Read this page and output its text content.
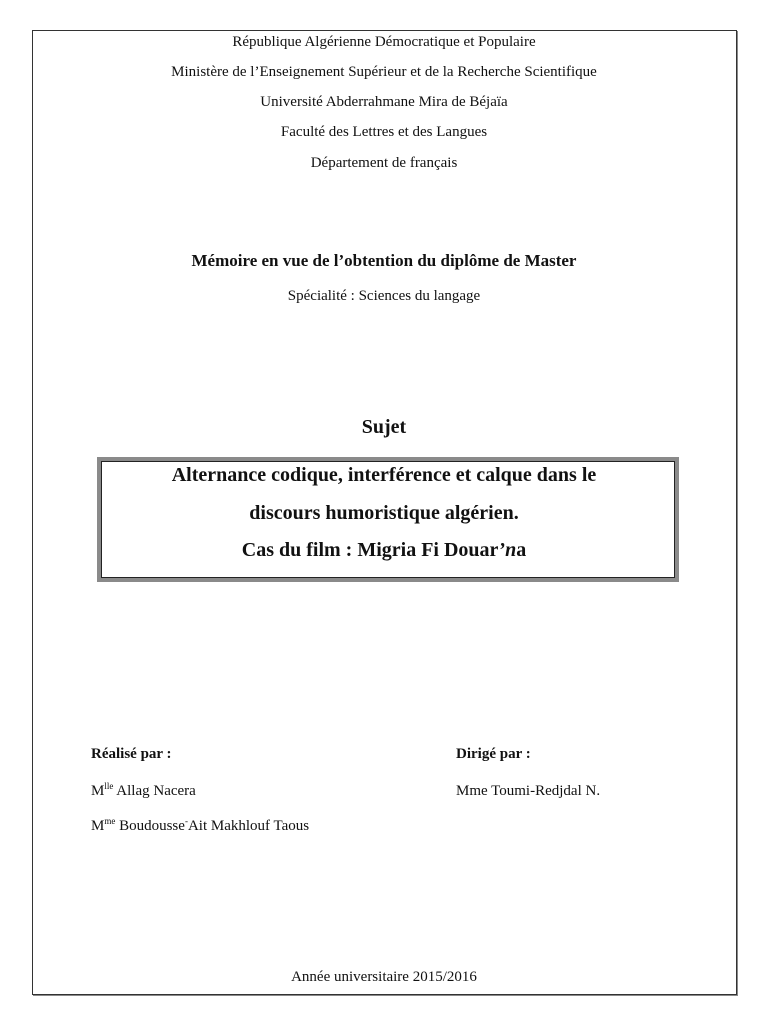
République Algérienne Démocratique et Populaire
Ministère de l’Enseignement Supérieur et de la Recherche Scientifique
Université Abderrahmane Mira de Béjaïa
Faculté des Lettres et des Langues
Département de français
Mémoire en vue de l’obtention du diplôme de Master
Spécialité : Sciences du langage
Sujet
Alternance codique, interférence et calque dans le
discours humoristique algérien.
Cas du film : Migria Fi Douar’na
Réalisé par :
$M^{lle}$ Allag Nacera
$M^{me}$ Boudousse-Ait Makhlouf Taous
Dirigé par :
Mme Toumi-Redjdal N.
Année universitaire 2015/2016
